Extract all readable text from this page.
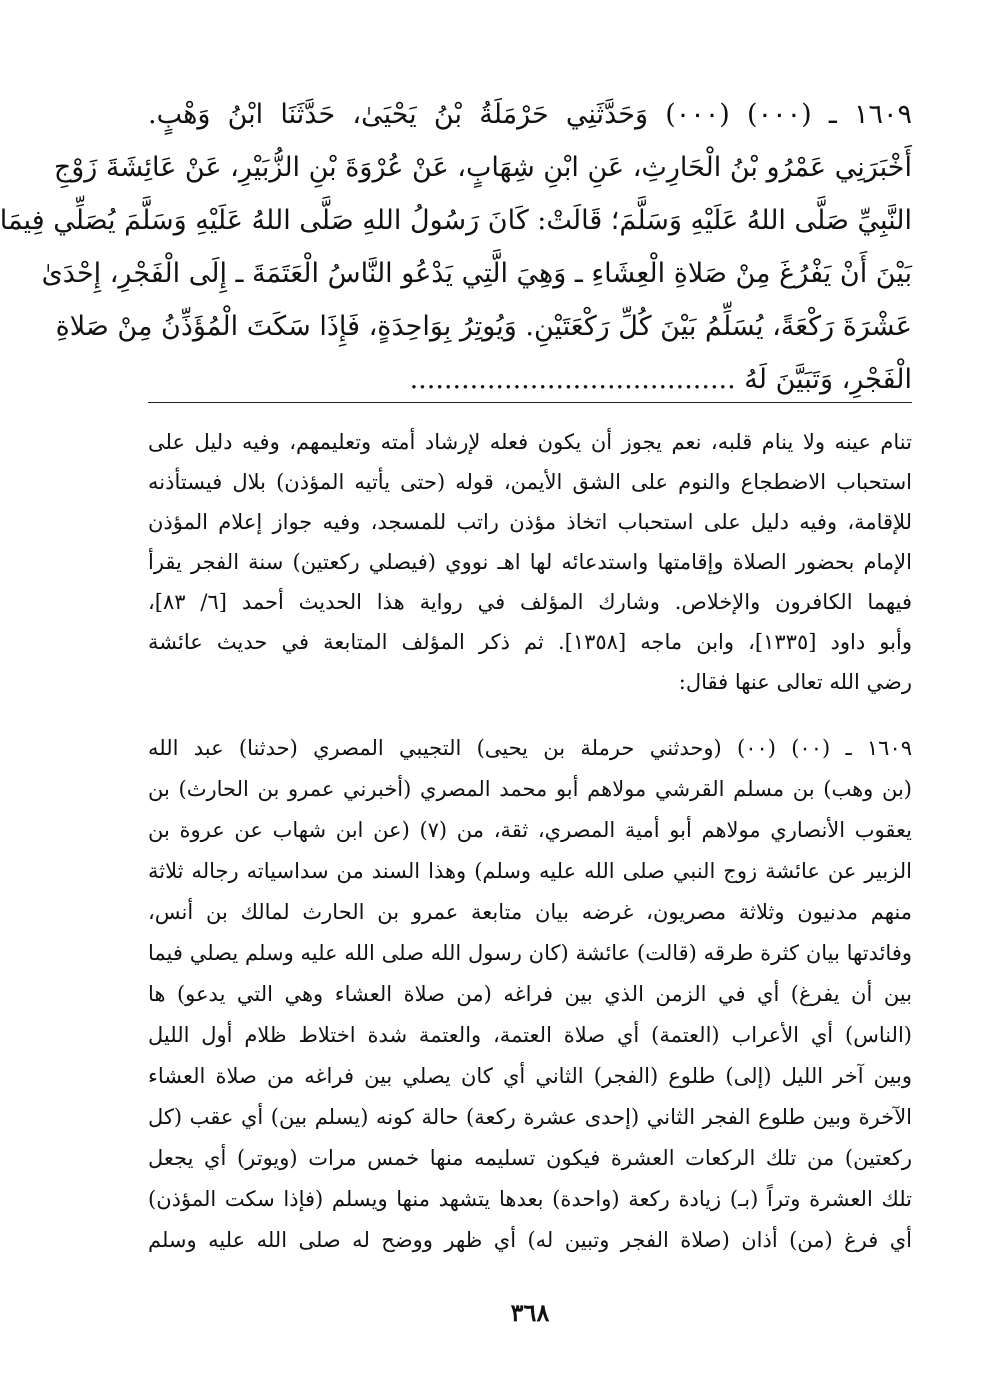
١٦٠٩ ـ (٠٠٠) (٠٠٠) وَحَدَّثَنِي حَرْمَلَةُ بْنُ يَحْيَىٰ، حَدَّثَنَا ابْنُ وَهْبٍ.
أَخْبَرَنِي عَمْرُو بْنُ الْحَارِثِ، عَنِ ابْنِ شِهَابٍ، عَنْ عُرْوَةَ بْنِ الزُّبَيْرِ، عَنْ عَائِشَةَ زَوْجِ
النَّبِيِّ صَلَّى اللهُ عَلَيْهِ وَسَلَّمَ؛ قَالَتْ: كَانَ رَسُولُ اللهِ صَلَّى اللهُ عَلَيْهِ وَسَلَّمَ يُصَلِّي فِيمَا
بَيْنَ أَنْ يَفْرُغَ مِنْ صَلاةِ الْعِشَاءِ ـ وَهِيَ الَّتِي يَدْعُو النَّاسُ الْعَتَمَةَ ـ إِلَى الْفَجْرِ، إِحْدَىٰ
عَشْرَةَ رَكْعَةً، يُسَلِّمُ بَيْنَ كُلِّ رَكْعَتَيْنِ. وَيُوتِرُ بِوَاحِدَةٍ، فَإِذَا سَكَتَ الْمُؤَذِّنُ مِنْ صَلاةِ
الْفَجْرِ، وَتَبَيَّنَ لَهُ ......................................
تنام عينه ولا ينام قلبه، نعم يجوز أن يكون فعله لإرشاد أمته وتعليمهم، وفيه دليل على
استحباب الاضطجاع والنوم على الشق الأيمن، قوله (حتى يأتيه المؤذن) بلال فيستأذنه
للإقامة، وفيه دليل على استحباب اتخاذ مؤذن راتب للمسجد، وفيه جواز إعلام المؤذن
الإمام بحضور الصلاة وإقامتها واستدعائه لها اهـ نووي (فيصلي ركعتين) سنة الفجر يقرأ
فيهما الكافرون والإخلاص. وشارك المؤلف في رواية هذا الحديث أحمد [٦/ ٨٣]،
وأبو داود [١٣٣٥]، وابن ماجه [١٣٥٨]. ثم ذكر المؤلف المتابعة في حديث عائشة
رضي الله تعالى عنها فقال:
١٦٠٩ ـ (٠٠) (٠٠) (وحدثني حرملة بن يحيى) التجيبي المصري (حدثنا) عبد الله
(بن وهب) بن مسلم القرشي مولاهم أبو محمد المصري (أخبرني عمرو بن الحارث) بن
يعقوب الأنصاري مولاهم أبو أمية المصري، ثقة، من (٧) (عن ابن شهاب عن عروة بن
الزبير عن عائشة زوج النبي صلى الله عليه وسلم) وهذا السند من سداسياته رجاله ثلاثة
منهم مدنيون وثلاثة مصريون، غرضه بيان متابعة عمرو بن الحارث لمالك بن أنس،
وفائدتها بيان كثرة طرقه (قالت) عائشة (كان رسول الله صلى الله عليه وسلم يصلي فيما
بين أن يفرغ) أي في الزمن الذي بين فراغه (من صلاة العشاء وهي التي يدعو) ها
(الناس) أي الأعراب (العتمة) أي صلاة العتمة، والعتمة شدة اختلاط ظلام أول الليل
وبين آخر الليل (إلى) طلوع (الفجر) الثاني أي كان يصلي بين فراغه من صلاة العشاء
الآخرة وبين طلوع الفجر الثاني (إحدى عشرة ركعة) حالة كونه (يسلم بين) أي عقب (كل
ركعتين) من تلك الركعات العشرة فيكون تسليمه منها خمس مرات (ويوتر) أي يجعل
تلك العشرة وتراً (بـ) زيادة ركعة (واحدة) بعدها يتشهد منها ويسلم (فإذا سكت المؤذن)
أي فرغ (من) أذان (صلاة الفجر وتبين له) أي ظهر ووضح له صلى الله عليه وسلم
٣٦٨
